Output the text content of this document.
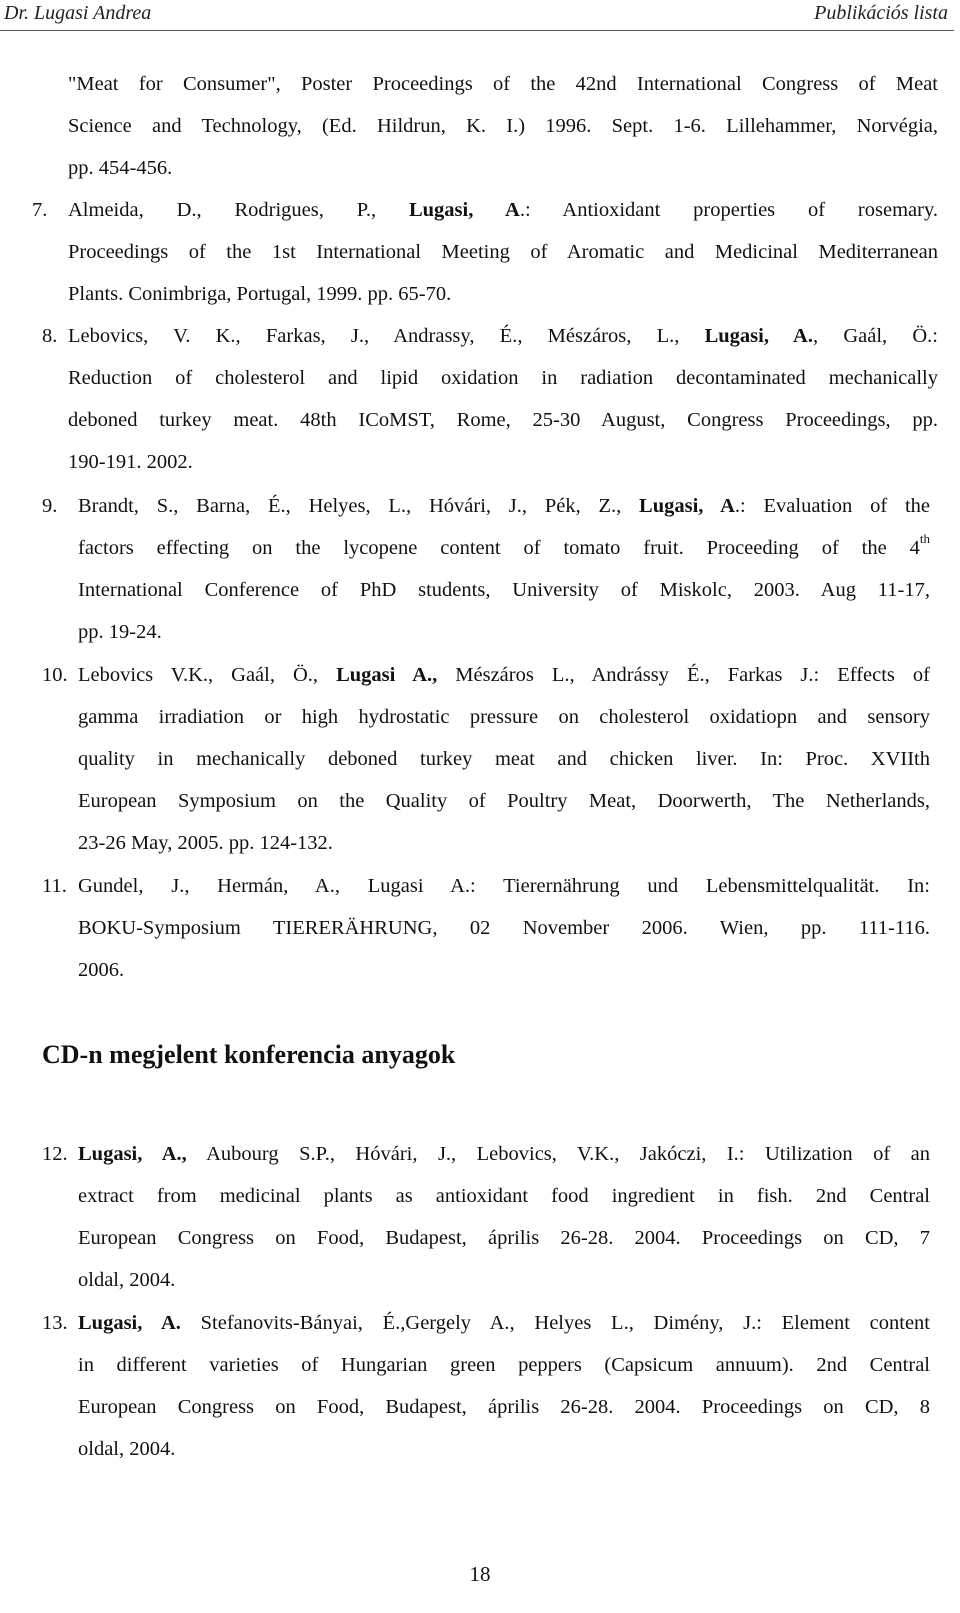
Dr. Lugasi Andrea	Publikációs lista
"Meat for Consumer", Poster Proceedings of the 42nd International Congress of Meat
Science and Technology, (Ed. Hildrun, K. I.) 1996. Sept. 1-6. Lillehammer, Norvégia,
pp. 454-456.
7. Almeida, D., Rodrigues, P., Lugasi, A.: Antioxidant properties of rosemary.
Proceedings of the 1st International Meeting of Aromatic and Medicinal Mediterranean
Plants. Conimbriga, Portugal, 1999. pp. 65-70.
8. Lebovics, V. K., Farkas, J., Andrassy, É., Mészáros, L., Lugasi, A., Gaál, Ö.:
Reduction of cholesterol and lipid oxidation in radiation decontaminated mechanically
deboned turkey meat. 48th ICoMST, Rome, 25-30 August, Congress Proceedings, pp.
190-191. 2002.
9. Brandt, S., Barna, É., Helyes, L., Hóvári, J., Pék, Z., Lugasi, A.: Evaluation of the
factors effecting on the lycopene content of tomato fruit. Proceeding of the 4th
International Conference of PhD students, University of Miskolc, 2003. Aug 11-17,
pp. 19-24.
10. Lebovics V.K., Gaál, Ö., Lugasi A., Mészáros L., Andrássy É., Farkas J.: Effects of
gamma irradiation or high hydrostatic pressure on cholesterol oxidatiopn and sensory
quality in mechanically deboned turkey meat and chicken liver. In: Proc. XVIIth
European Symposium on the Quality of Poultry Meat, Doorwerth, The Netherlands,
23-26 May, 2005. pp. 124-132.
11. Gundel, J., Hermán, A., Lugasi A.: Tierernährung und Lebensmittelqualität. In:
BOKU-Symposium TIERERÄHRUNG, 02 November 2006. Wien, pp. 111-116.
2006.
CD-n megjelent konferencia anyagok
12. Lugasi, A., Aubourg S.P., Hóvári, J., Lebovics, V.K., Jakóczi, I.: Utilization of an
extract from medicinal plants as antioxidant food ingredient in fish. 2nd Central
European Congress on Food, Budapest, április 26-28. 2004. Proceedings on CD, 7
oldal, 2004.
13. Lugasi, A. Stefanovits-Bányai, É.,Gergely A., Helyes L., Dimény, J.: Element content
in different varieties of Hungarian green peppers (Capsicum annuum). 2nd Central
European Congress on Food, Budapest, április 26-28. 2004. Proceedings on CD, 8
oldal, 2004.
18
